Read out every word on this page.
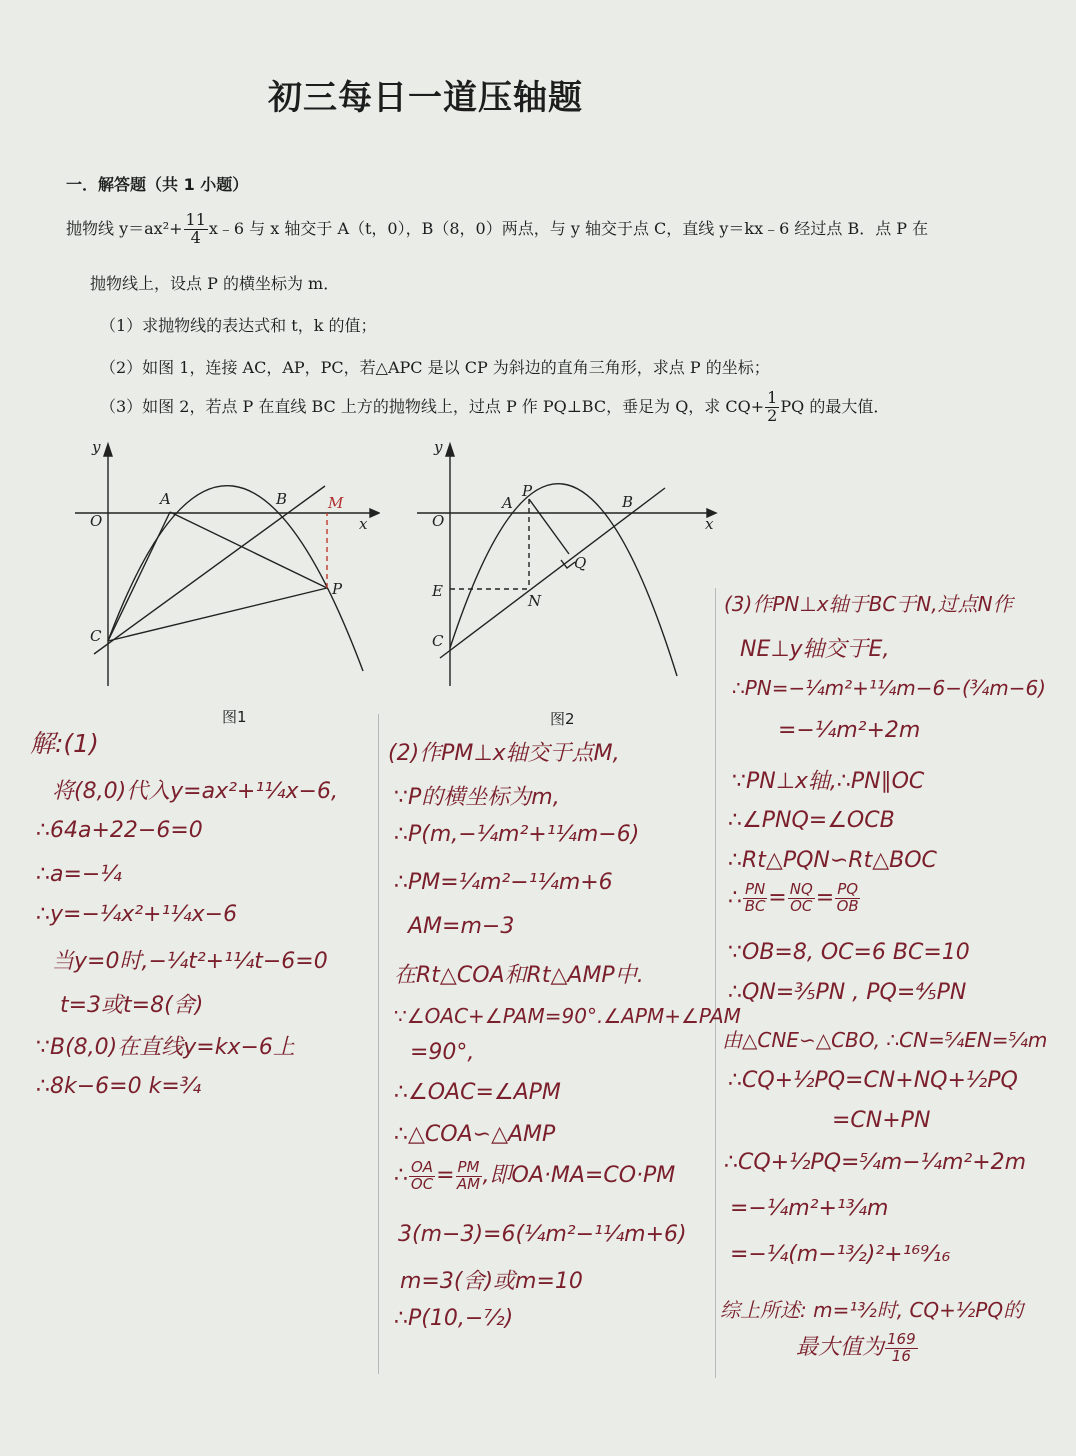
初三每日一道压轴题
一．解答题（共 1 小题）
抛物线 $y=ax^2+ \frac{11}{4}$ x﹣6 与 x 轴交于 A（t，0），B（8，0）两点，与 y 轴交于点 C，直线 y＝kx﹣6 经过点 B．点 P 在
抛物线上，设点 P 的横坐标为 m．
（1）求抛物线的表达式和 t，k 的值；
（2）如图 1，连接 AC，AP，PC，若△APC 是以 CP 为斜边的直角三角形，求点 P 的坐标；
（3）如图 2，若点 P 在直线 BC 上方的抛物线上，过点 P 作 PQ⊥BC，垂足为 Q，求 $CQ+ \frac{1}{2}$ PQ 的最大值．
y
x
O
A	B
C
P
M
图1
y
x
O
A
P
B
C
Q
E
N
图2
解:(1)
将(8,0)代入y=ax²+¹¹⁄₄x−6,
∴64a+22−6=0
∴a=−¼
∴y=−¼x²+¹¹⁄₄x−6
当y=0时,−¼t²+¹¹⁄₄t−6=0
t=3或t=8(舍)
∵B(8,0)在直线y=kx−6上
∴8k−6=0 k=¾
(2)作PM⊥x轴交于点M,
∵P的横坐标为m,
∴P(m,−¼m²+¹¹⁄₄m−6)
∴PM=¼m²−¹¹⁄₄m+6
AM=m−3
在Rt△COA和Rt△AMP中.
∵∠OAC+∠PAM=90°.∠APM+∠PAM
=90°,
∴∠OAC=∠APM
∴△COA∽△AMP
∴ $\frac{OA}{OC} = \frac{PM}{AM}$ ,即OA·MA=CO·PM
3(m−3)=6(¼m²−¹¹⁄₄m+6)
m=3(舍)或m=10
∴P(10,−⁷⁄₂)
(3)作PN⊥x轴于BC于N,过点N作
NE⊥y轴交于E,
∴PN=−¼m²+¹¹⁄₄m−6−(¾m−6)
=−¼m²+2m
∵PN⊥x轴,∴PN∥OC
∴∠PNQ=∠OCB
∴Rt△PQN∽Rt△BOC
∴ $\frac{PN}{BC} = \frac{NQ}{OC} = \frac{PQ}{OB}$
∵OB=8, OC=6 BC=10
∴QN=⅗PN , PQ=⅘PN
由△CNE∽△CBO, ∴CN=⁵⁄₄EN=⁵⁄₄m
∴CQ+½PQ=CN+NQ+½PQ
=CN+PN
∴CQ+½PQ=⁵⁄₄m−¼m²+2m
=−¼m²+¹³⁄₄m
=−¼(m−¹³⁄₂)²+¹⁶⁹⁄₁₆
综上所述: m=¹³⁄₂时, CQ+½PQ的
最大值为 $\frac{169}{16}$
